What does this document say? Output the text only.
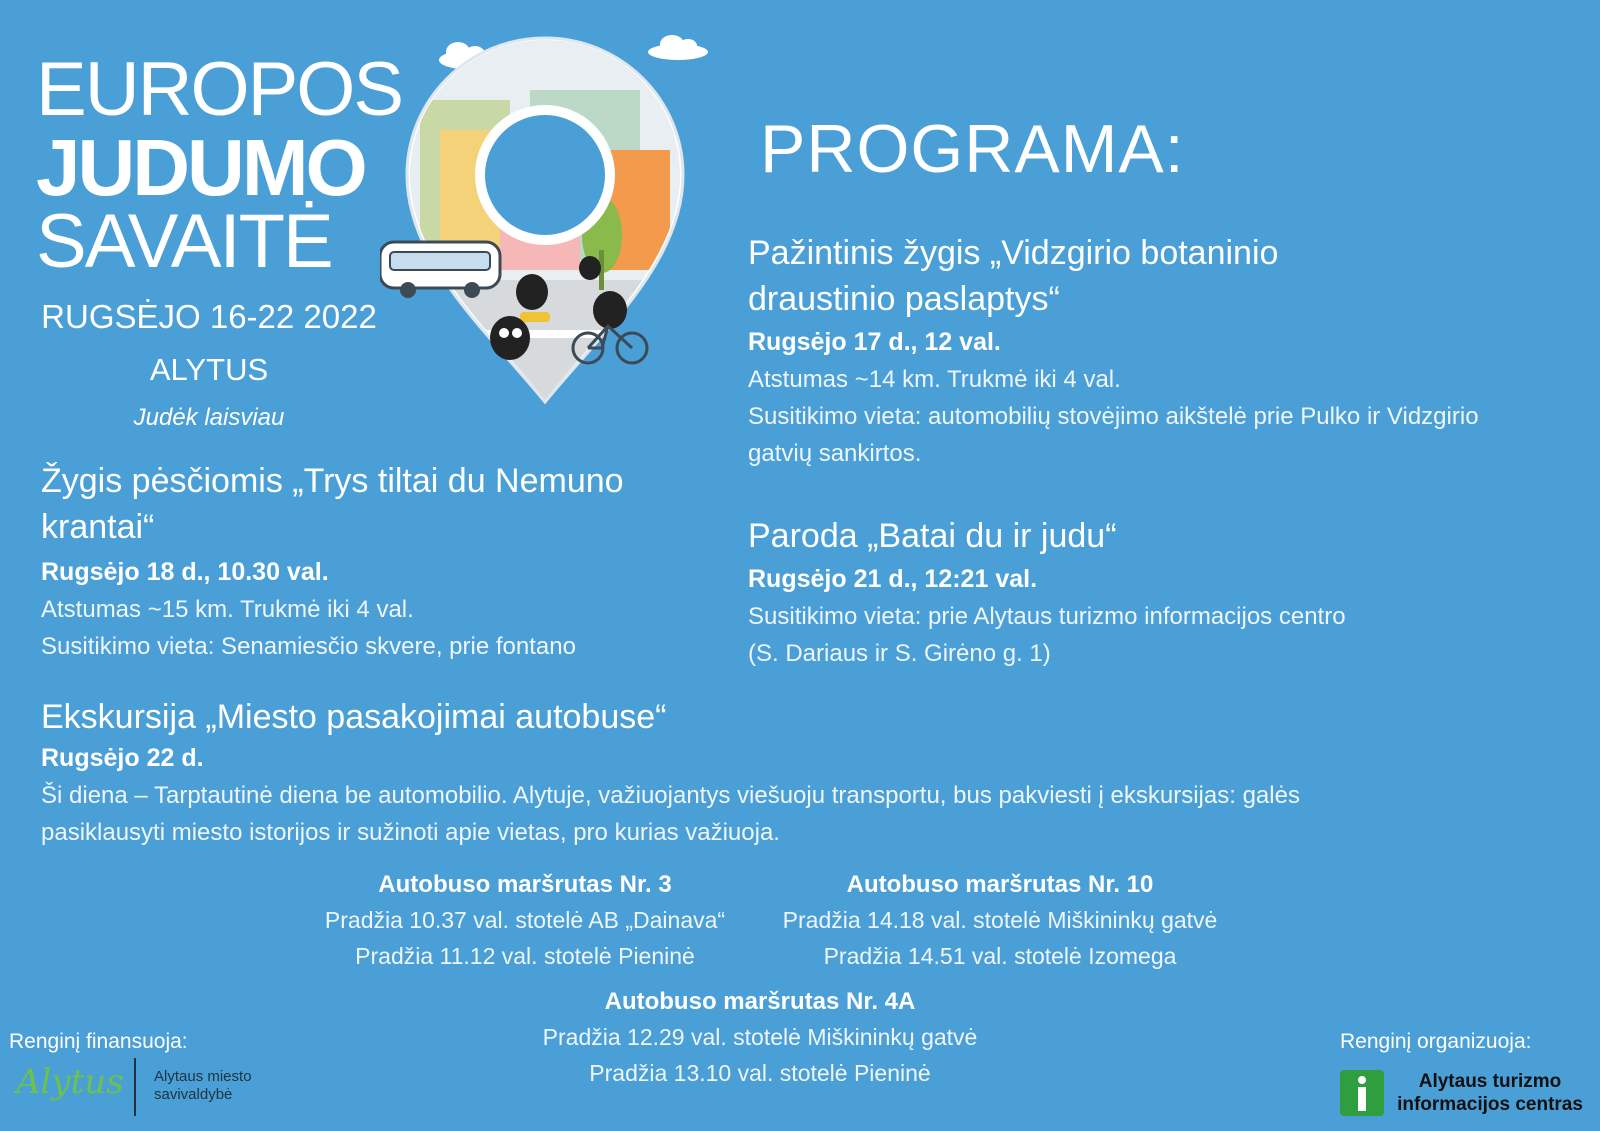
EUROPOS
JUDUMO
SAVAITĖ
RUGSĖJO 16-22 2022
ALYTUS
Judėk laisviau
PROGRAMA:
Pažintinis žygis „Vidzgirio botaninio
draustinio paslaptys“
Rugsėjo 17 d., 12 val.
Atstumas ~14 km. Trukmė iki 4 val.
Susitikimo vieta: automobilių stovėjimo aikštelė prie Pulko ir Vidzgirio
gatvių sankirtos.
Žygis pėsčiomis „Trys tiltai du Nemuno
krantai“
Rugsėjo 18 d., 10.30 val.
Atstumas ~15 km. Trukmė iki 4 val.
Susitikimo vieta: Senamiesčio skvere, prie fontano
Paroda „Batai du ir judu“
Rugsėjo 21 d., 12:21 val.
Susitikimo vieta: prie Alytaus turizmo informacijos centro
(S. Dariaus ir S. Girėno g. 1)
Ekskursija „Miesto pasakojimai autobuse“
Rugsėjo 22 d.
Ši diena – Tarptautinė diena be automobilio. Alytuje, važiuojantys viešuoju transportu, bus pakviesti į ekskursijas: galės
pasiklausyti miesto istorijos ir sužinoti apie vietas, pro kurias važiuoja.
Autobuso maršrutas Nr. 3
Pradžia 10.37 val. stotelė AB „Dainava“
Pradžia 11.12 val. stotelė Pieninė
Autobuso maršrutas Nr. 10
Pradžia 14.18 val. stotelė Miškininkų gatvė
Pradžia 14.51 val. stotelė Izomega
Autobuso maršrutas Nr. 4A
Pradžia 12.29 val. stotelė Miškininkų gatvė
Pradžia 13.10 val. stotelė Pieninė
Renginį finansuoja:
Alytus Alytaus miesto
savivaldybė
Renginį organizuoja:
Alytaus turizmo
informacijos centras
